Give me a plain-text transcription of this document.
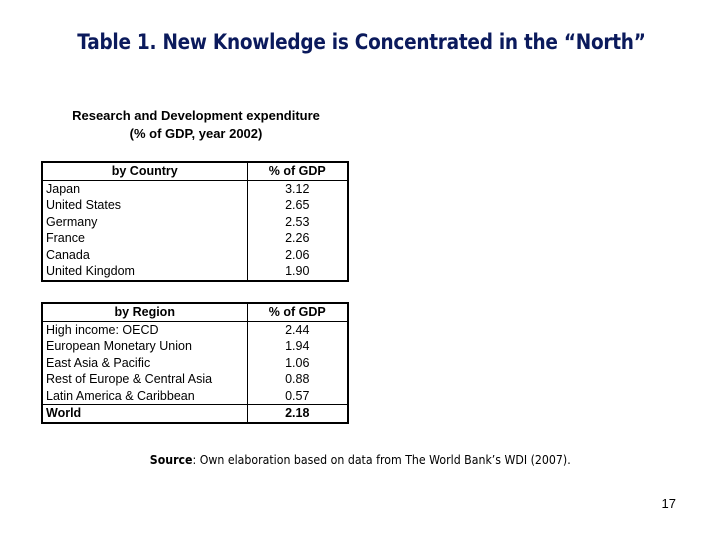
Table 1. New Knowledge is Concentrated in the “North”
Research and Development expenditure
(% of GDP, year 2002)
by Country	% of GDP
Japan	3.12
United States	2.65
Germany	2.53
France	2.26
Canada	2.06
United Kingdom	1.90
by Region	% of GDP
High income: OECD	2.44
European Monetary Union	1.94
East Asia & Pacific	1.06
Rest of Europe & Central Asia	0.88
Latin America & Caribbean	0.57
World	2.18
Source: Own elaboration based on data from The World Bank’s WDI (2007).
17
